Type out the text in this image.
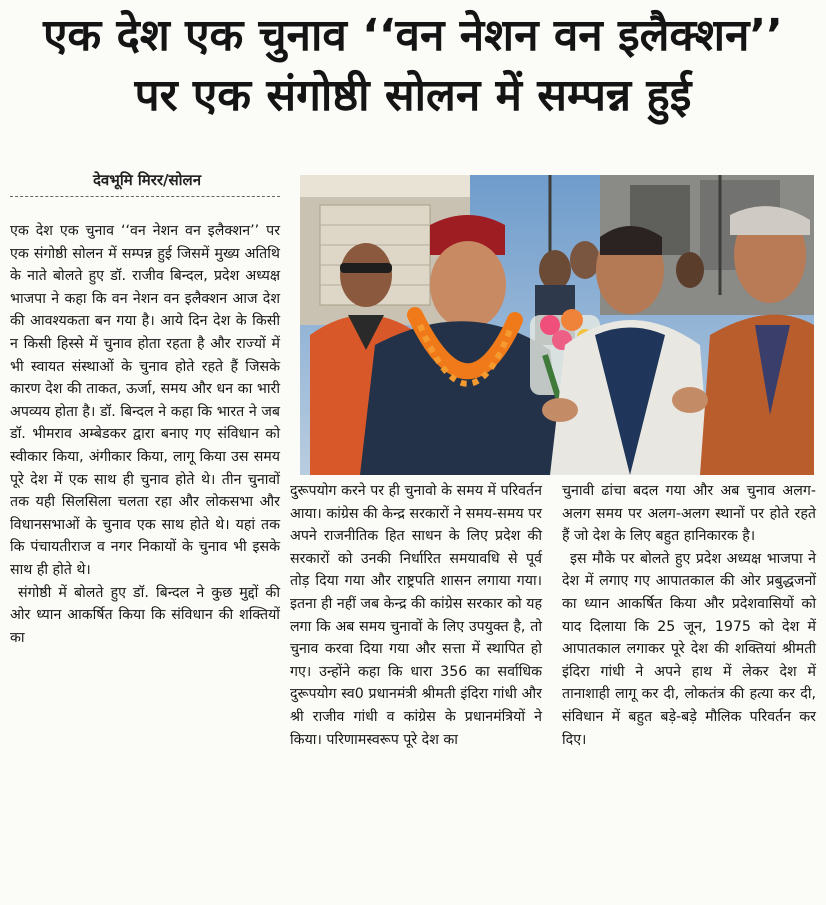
एक देश एक चुनाव ‘‘वन नेशन वन इलैक्शन’’
पर एक संगोष्ठी सोलन में सम्पन्न हुई
देवभूमि मिरर/सोलन

एक देश एक चुनाव ‘‘वन नेशन वन इलैक्शन’’ पर एक संगोष्ठी सोलन में सम्पन्न हुई जिसमें मुख्य अतिथि के नाते बोलते हुए डॉ. राजीव बिन्दल, प्रदेश अध्यक्ष भाजपा ने कहा कि वन नेशन वन इलैक्शन आज देश की आवश्यकता बन गया है। आये दिन देश के किसी न किसी हिस्से में चुनाव होता रहता है और राज्यों में भी स्वायत संस्थाओं के चुनाव होते रहते हैं जिसके कारण देश की ताकत, ऊर्जा, समय और धन का भारी अपव्यय होता है। डॉ. बिन्दल ने कहा कि भारत ने जब डॉ. भीमराव अम्बेडकर द्वारा बनाए गए संविधान को स्वीकार किया, अंगीकार किया, लागू किया उस समय पूरे देश में एक साथ ही चुनाव होते थे। तीन चुनावों तक यही सिलसिला चलता रहा और लोकसभा और विधानसभाओं के चुनाव एक साथ होते थे। यहां तक कि पंचायतीराज व नगर निकायों के चुनाव भी इसके साथ ही होते थे।

संगोष्ठी में बोलते हुए डॉ. बिन्दल ने कुछ मुद्दों की ओर ध्यान आकर्षित किया कि संविधान की शक्तियों का

दुरूपयोग करने पर ही चुनावो के समय में परिवर्तन आया। कांग्रेस की केन्द्र सरकारों ने समय-समय पर अपने राजनीतिक हित साधन के लिए प्रदेश की सरकारों को उनकी निर्धारित समयावधि से पूर्व तोड़ दिया गया और राष्ट्रपति शासन लगाया गया। इतना ही नहीं जब केन्द्र की कांग्रेस सरकार को यह लगा कि अब समय चुनावों के लिए उपयुक्त है, तो चुनाव करवा दिया गया और सत्ता में स्थापित हो गए। उन्होंने कहा कि धारा 356 का सर्वाधिक दुरूपयोग स्व0 प्रधानमंत्री श्रीमती इंदिरा गांधी और श्री राजीव गांधी व कांग्रेस के प्रधानमंत्रियों ने किया। परिणामस्वरूप पूरे देश का

चुनावी ढांचा बदल गया और अब चुनाव अलग-अलग समय पर अलग-अलग स्थानों पर होते रहते हैं जो देश के लिए बहुत हानिकारक है।

इस मौके पर बोलते हुए प्रदेश अध्यक्ष भाजपा ने देश में लगाए गए आपातकाल की ओर प्रबुद्धजनों का ध्यान आकर्षित किया और प्रदेशवासियों को याद दिलाया कि 25 जून, 1975 को देश में आपातकाल लगाकर पूरे देश की शक्तियां श्रीमती इंदिरा गांधी ने अपने हाथ में लेकर देश में तानाशाही लागू कर दी, लोकतंत्र की हत्या कर दी, संविधान में बहुत बड़े-बड़े मौलिक परिवर्तन कर दिए।
